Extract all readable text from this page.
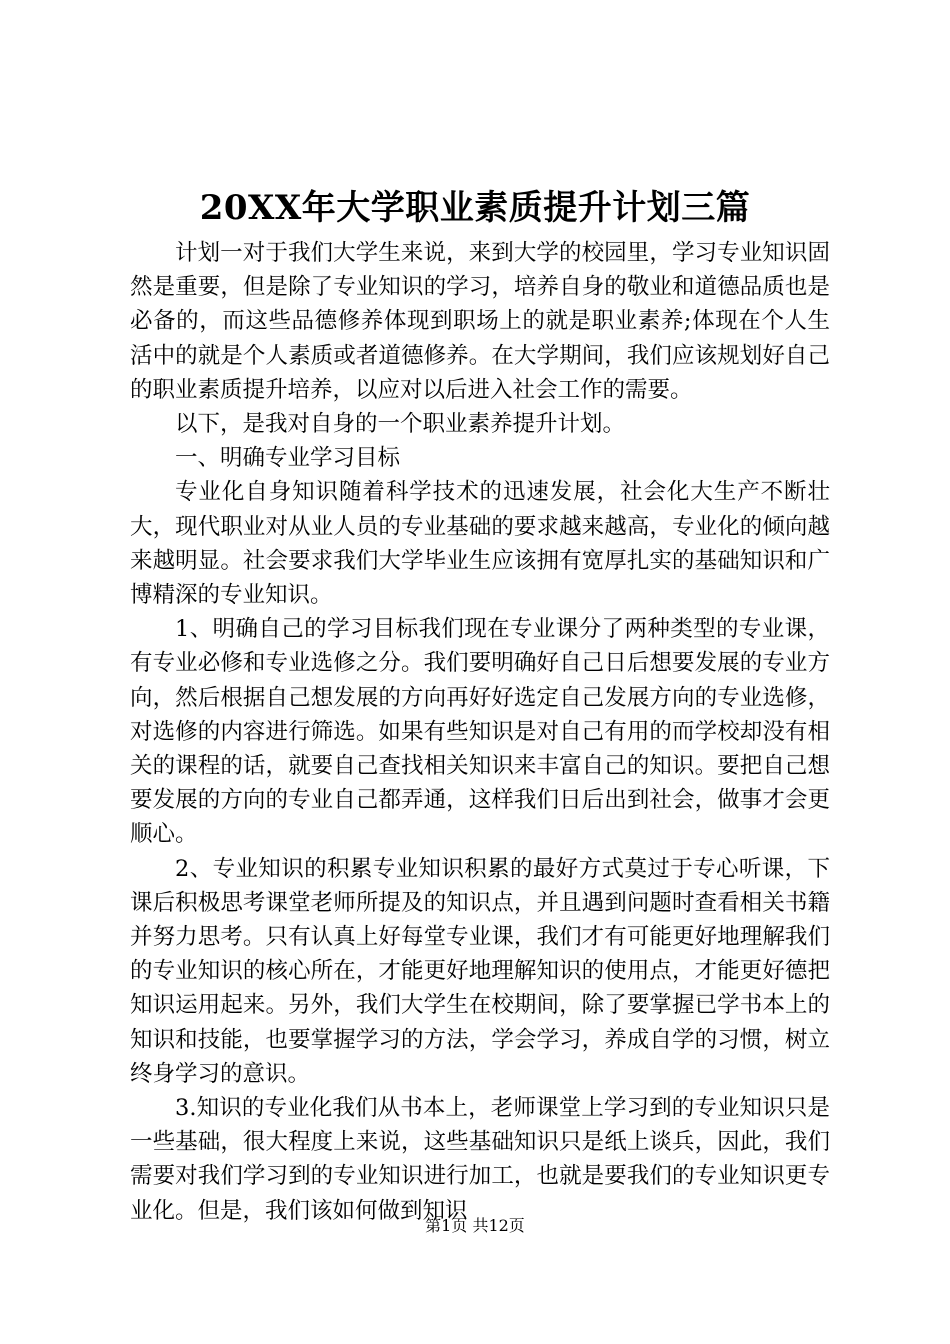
20XX年大学职业素质提升计划三篇

计划一对于我们大学生来说，来到大学的校园里，学习专业知识固然是重要，但是除了专业知识的学习，培养自身的敬业和道德品质也是必备的，而这些品德修养体现到职场上的就是职业素养;体现在个人生活中的就是个人素质或者道德修养。在大学期间，我们应该规划好自己的职业素质提升培养，以应对以后进入社会工作的需要。

以下，是我对自身的一个职业素养提升计划。

一、明确专业学习目标

专业化自身知识随着科学技术的迅速发展，社会化大生产不断壮大，现代职业对从业人员的专业基础的要求越来越高，专业化的倾向越来越明显。社会要求我们大学毕业生应该拥有宽厚扎实的基础知识和广博精深的专业知识。

1、明确自己的学习目标我们现在专业课分了两种类型的专业课，有专业必修和专业选修之分。我们要明确好自己日后想要发展的专业方向，然后根据自己想发展的方向再好好选定自己发展方向的专业选修，对选修的内容进行筛选。如果有些知识是对自己有用的而学校却没有相关的课程的话，就要自己查找相关知识来丰富自己的知识。要把自己想要发展的方向的专业自己都弄通，这样我们日后出到社会，做事才会更顺心。

2、专业知识的积累专业知识积累的最好方式莫过于专心听课，下课后积极思考课堂老师所提及的知识点，并且遇到问题时查看相关书籍并努力思考。只有认真上好每堂专业课，我们才有可能更好地理解我们的专业知识的核心所在，才能更好地理解知识的使用点，才能更好德把知识运用起来。另外，我们大学生在校期间，除了要掌握已学书本上的知识和技能，也要掌握学习的方法，学会学习，养成自学的习惯，树立终身学习的意识。

3.知识的专业化我们从书本上，老师课堂上学习到的专业知识只是一些基础，很大程度上来说，这些基础知识只是纸上谈兵，因此，我们需要对我们学习到的专业知识进行加工，也就是要我们的专业知识更专业化。但是，我们该如何做到知识

第1页 共12页
